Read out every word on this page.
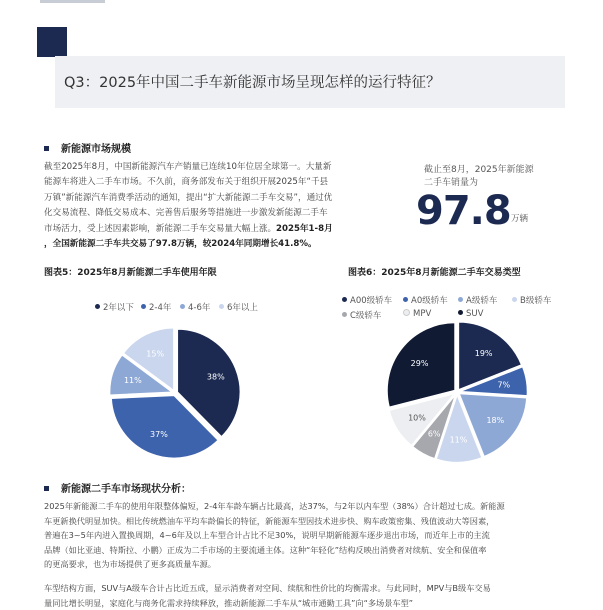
Q3：2025年中国二手车新能源市场呈现怎样的运行特征？
新能源市场规模
截至2025年8月，中国新能源汽车产销量已连续10年位居全球第一。大量新
能源车将进入二手车市场。不久前，商务部发布关于组织开展2025年“千县
万镇”新能源汽车消费季活动的通知，提出“扩大新能源二手车交易”，通过优
化交易流程、降低交易成本、完善售后服务等措施进一步激发新能源二手车
市场活力，受上述因素影响，新能源二手车交易量大幅上涨。2025年1-8月
，全国新能源二手车共交易了97.8万辆，较2024年同期增长41.8%。
截止至8月，2025年新能源二手车销量为
97.8 万辆
图表5：2025年8月新能源二手车使用年限
2年以下	2-4年	4-6年	6年以上
38%
37%
11%
15%
图表6：2025年8月新能源二手车交易类型
A00级轿车	A0级轿车	A级轿车	B级轿车
C级轿车	MPV	SUV
19%
7%
18%
11%
6%
10%
29%
新能源二手车市场现状分析：
2025年新能源二手车的使用年限整体偏短，2-4年车龄车辆占比最高，达37%，与2年以内车型（38%）合计超过七成。新能源
车更新换代明显加快。相比传统燃油车平均车龄偏长的特征，新能源车型因技术进步快、购车政策密集、残值波动大等因素，
普遍在3~5年内进入置换周期，4~6年及以上车型合计占比不足30%，说明早期新能源车逐步退出市场，而近年上市的主流
品牌（如比亚迪、特斯拉、小鹏）正成为二手市场的主要流通主体。这种“年轻化”结构反映出消费者对续航、安全和保值率
的更高要求，也为市场提供了更多高质量车源。
车型结构方面，SUV与A级车合计占比近五成，显示消费者对空间、续航和性价比的均衡需求。与此同时，MPV与B级车交易
量同比增长明显，家庭化与商务化需求持续释放，推动新能源二手车从“城市通勤工具”向“多场景车型”
